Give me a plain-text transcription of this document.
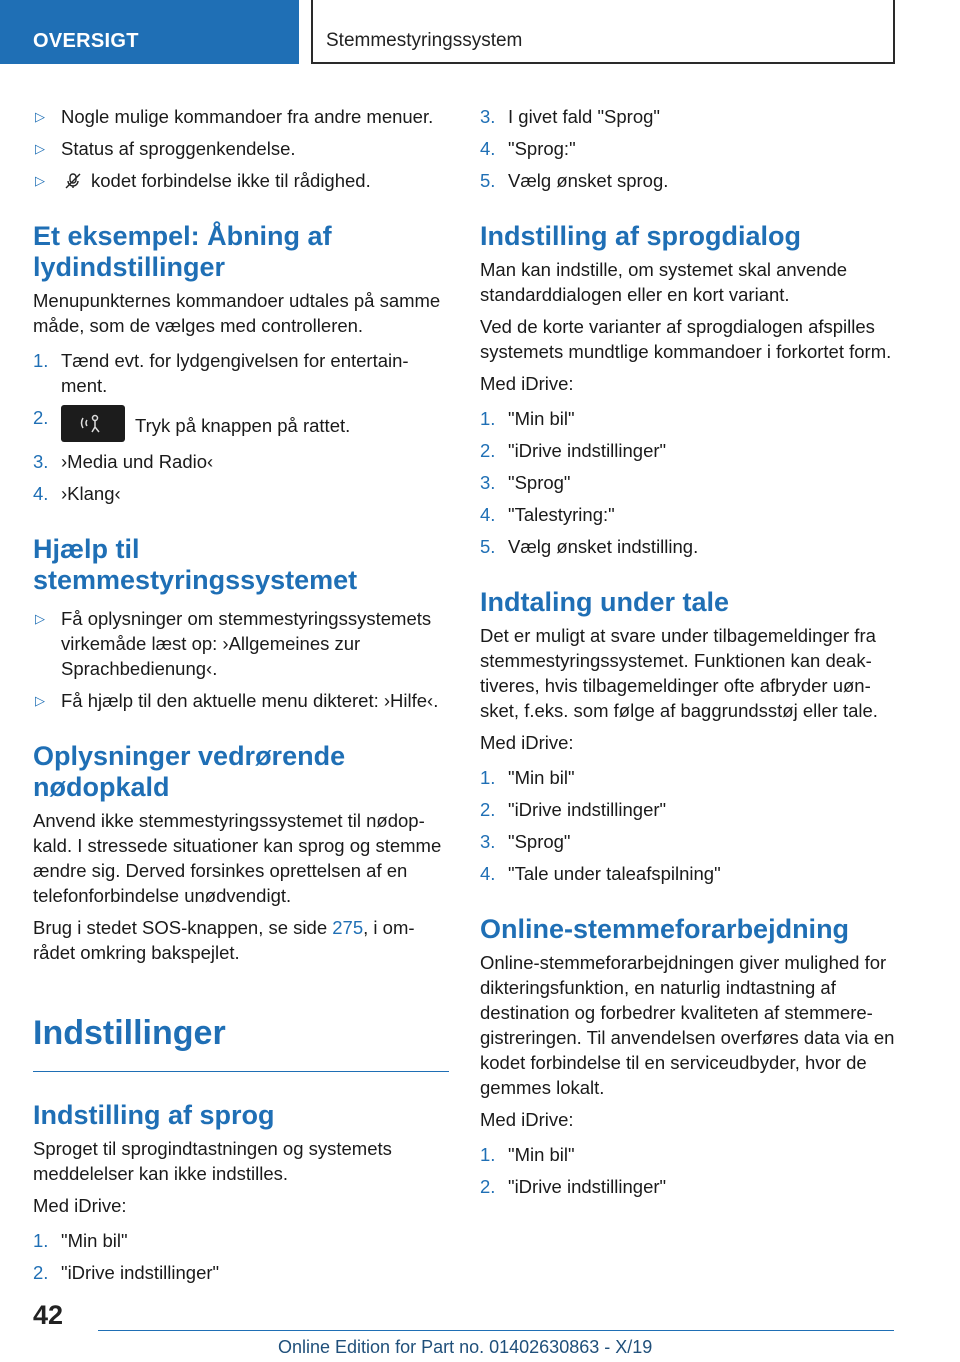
OVERSIGT	Stemmestyringssystem
▷ Nogle mulige kommandoer fra andre menuer.
▷ Status af sproggenkendelse.
▷ kodet forbindelse ikke til rådighed.
Et eksempel: Åbning af lydindstillinger
Menupunkternes kommandoer udtales på samme måde, som de vælges med controlleren.
1. Tænd evt. for lydgengivelsen for entertain‐ment.
2.	Tryk på knappen på rattet.
3. ›Media und Radio‹
4. ›Klang‹
Hjælp til stemmestyringssystemet
▷ Få oplysninger om stemmestyringssystemets virkemåde læst op: ›Allgemeines zur Sprachbedienung‹.
▷ Få hjælp til den aktuelle menu dikteret: ›Hilfe‹.
Oplysninger vedrørende nødopkald
Anvend ikke stemmestyringssystemet til nødop‐kald. I stressede situationer kan sprog og stemme ændre sig. Derved forsinkes oprettelsen af en telefonforbindelse unødvendigt.
Brug i stedet SOS-knappen, se side 275, i om‐rådet omkring bakspejlet.
Indstillinger
Indstilling af sprog
Sproget til sprogindtastningen og systemets meddelelser kan ikke indstilles.
Med iDrive:
1. "Min bil"
2. "iDrive indstillinger"
3. I givet fald "Sprog"
4. "Sprog:"
5. Vælg ønsket sprog.
Indstilling af sprogdialog
Man kan indstille, om systemet skal anvende standarddialogen eller en kort variant.
Ved de korte varianter af sprogdialogen afspilles systemets mundtlige kommandoer i forkortet form.
Med iDrive:
1. "Min bil"
2. "iDrive indstillinger"
3. "Sprog"
4. "Talestyring:"
5. Vælg ønsket indstilling.
Indtaling under tale
Det er muligt at svare under tilbagemeldinger fra stemmestyringssystemet. Funktionen kan deak‐tiveres, hvis tilbagemeldinger ofte afbryder uøn‐sket, f.eks. som følge af baggrundsstøj eller tale.
Med iDrive:
1. "Min bil"
2. "iDrive indstillinger"
3. "Sprog"
4. "Tale under taleafspilning"
Online-stemmeforarbejdning
Online-stemmeforarbejdningen giver mulighed for dikteringsfunktion, en naturlig indtastning af destination og forbedrer kvaliteten af stemmere‐gistreringen. Til anvendelsen overføres data via en kodet forbindelse til en serviceudbyder, hvor de gemmes lokalt.
Med iDrive:
1. "Min bil"
2. "iDrive indstillinger"
42
Online Edition for Part no. 01402630863 - X/19
